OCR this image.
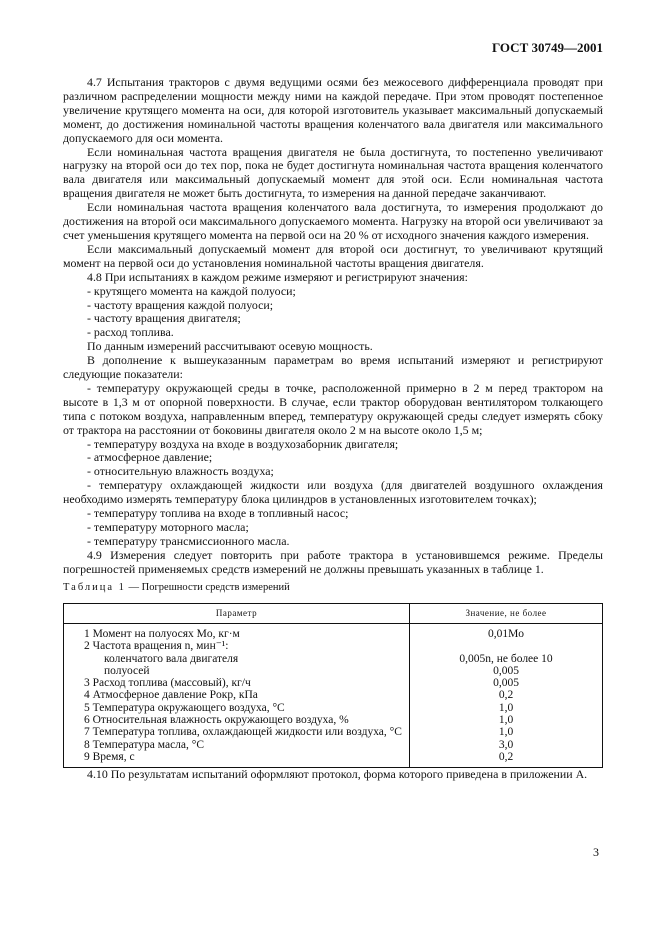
ГОСТ 30749—2001

4.7 Испытания тракторов с двумя ведущими осями без межосевого дифференциала проводят при различном распределении мощности между ними на каждой передаче. При этом проводят постепенное увеличение крутящего момента на оси, для которой изготовитель указывает максимальный допускаемый момент, до достижения номинальной частоты вращения коленчатого вала двигателя или максимального допускаемого для оси момента.

Если номинальная частота вращения двигателя не была достигнута, то постепенно увеличивают нагрузку на второй оси до тех пор, пока не будет достигнута номинальная частота вращения коленчатого вала двигателя или максимальный допускаемый момент для этой оси. Если номинальная частота вращения двигателя не может быть достигнута, то измерения на данной передаче заканчивают.

Если номинальная частота вращения коленчатого вала достигнута, то измерения продолжают до достижения на второй оси максимального допускаемого момента. Нагрузку на второй оси увеличивают за счет уменьшения крутящего момента на первой оси на 20 % от исходного значения каждого измерения.

Если максимальный допускаемый момент для второй оси достигнут, то увеличивают крутящий момент на первой оси до установления номинальной частоты вращения двигателя.

4.8 При испытаниях в каждом режиме измеряют и регистрируют значения:

- крутящего момента на каждой полуоси;

- частоту вращения каждой полуоси;

- частоту вращения двигателя;

- расход топлива.

По данным измерений рассчитывают осевую мощность.

В дополнение к вышеуказанным параметрам во время испытаний измеряют и регистрируют следующие показатели:

- температуру окружающей среды в точке, расположенной примерно в 2 м перед трактором на высоте в 1,3 м от опорной поверхности. В случае, если трактор оборудован вентилятором толкающего типа с потоком воздуха, направленным вперед, температуру окружающей среды следует измерять сбоку от трактора на расстоянии от боковины двигателя около 2 м на высоте около 1,5 м;

- температуру воздуха на входе в воздухозаборник двигателя;

- атмосферное давление;

- относительную влажность воздуха;

- температуру охлаждающей жидкости или воздуха (для двигателей воздушного охлаждения необходимо измерять температуру блока цилиндров в установленных изготовителем точках);

- температуру топлива на входе в топливный насос;

- температуру моторного масла;

- температуру трансмиссионного масла.

4.9 Измерения следует повторить при работе трактора в установившемся режиме. Пределы погрешностей применяемых средств измерений не должны превышать указанных в таблице 1.

Таблица 1 — Погрешности средств измерений
Параметр	Значение, не более
1 Момент на полуосях Mо, кг·м	0,01Mо
2 Частота вращения n, мин⁻¹:	
коленчатого вала двигателя	0,005n, не более 10
полуосей	0,005
3 Расход топлива (массовый), кг/ч	0,005
4 Атмосферное давление Pокр, кПа	0,2
5 Температура окружающего воздуха, °С	1,0
6 Относительная влажность окружающего воздуха, %	1,0
7 Температура топлива, охлаждающей жидкости или воздуха, °С	1,0
8 Температура масла, °С	3,0
9 Время, с	0,2

4.10 По результатам испытаний оформляют протокол, форма которого приведена в приложении А.

3
